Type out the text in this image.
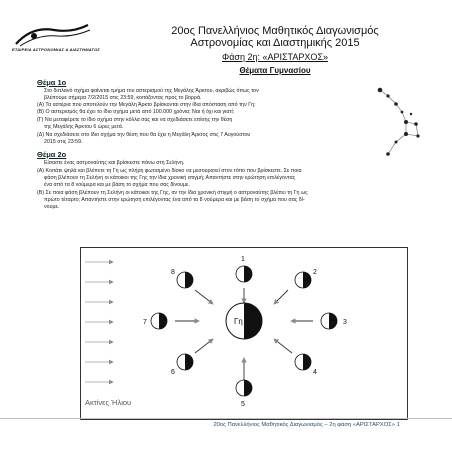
ΕΤΑΙΡΕΙΑ ΑΣΤΡΟΝΟΜΙΑΣ & ΔΙΑΣΤΗΜΑΤΟΣ
20ος Πανελλήνιος Μαθητικός Διαγωνισμός
Αστρονομίας και Διαστημικής 2015
Φάση 2η: «ΑΡΙΣΤΑΡΧΟΣ»
Θέματα Γυμνασίου
Θέμα 1ο
Στο διπλανό σχήμα φαίνεται τμήμα του αστερισμού της Μεγάλης Άρκτου, ακριβώς όπως τον
βλέπουμε σήμερα 7/2/2015 στις 23:59, κοιτάζοντας προς το βορρά.
(Α) Τα αστέρια που αποτελούν την Μεγάλη Άρκτο βρίσκονται στην ίδια απόσταση από την Γη;
(Β) Ο αστερισμός θα έχει το ίδιο σχήμα μετά από 100.000 χρόνια; Ναι ή όχι και γιατί;
(Γ) Να μεταφέρετε το ίδιο σχήμα στην κόλλα σας και να σχεδιάσετε επίσης την θέση
της Μεγάλης Άρκτου 6 ώρες μετά.
(Δ) Να σχεδιάσετε στο ίδιο σχήμα την θέση που θα έχει η Μεγάλη Άρκτος στις 7 Αυγούστου
2015 στις 23:59.
Θέμα 2ο
Είσαστε ένας αστροναύτης και βρίσκεστε πάνω στη Σελήνη.
(Α) Κοιτάτε ψηλά και βλέπετε τη Γη ως πλήρη φωτισμένο δίσκο να μεσουρανεί στον τόπο που βρίσκεστε. Σε ποια
φάση βλέπουν τη Σελήνη οι κάτοικοι της Γης την ίδια χρονική στιγμή; Απαντήστε στην ερώτηση επιλέγοντας
ένα από τα 8 νούμερα και με βάση το σχήμα που σας δίνουμε.
(Β) Σε ποια φάση βλέπουν τη Σελήνη οι κάτοικοι της Γης, αν την ίδια χρονική στιγμή ο αστροναύτης βλέπει τη Γη ως
πρώτο τέταρτο; Απαντήστε στην ερώτηση επιλέγοντας ένα από τα 8 νούμερα και με βάση το σχήμα που σας δί-
νουμε.
Γη
1
2
3
4
5
6
7
8
Ακτίνες Ήλιου
20ος Πανελλήνιος Μαθητικός Διαγωνισμός – 2η φάση «ΑΡΙΣΤΑΡΧΟΣ» 1
